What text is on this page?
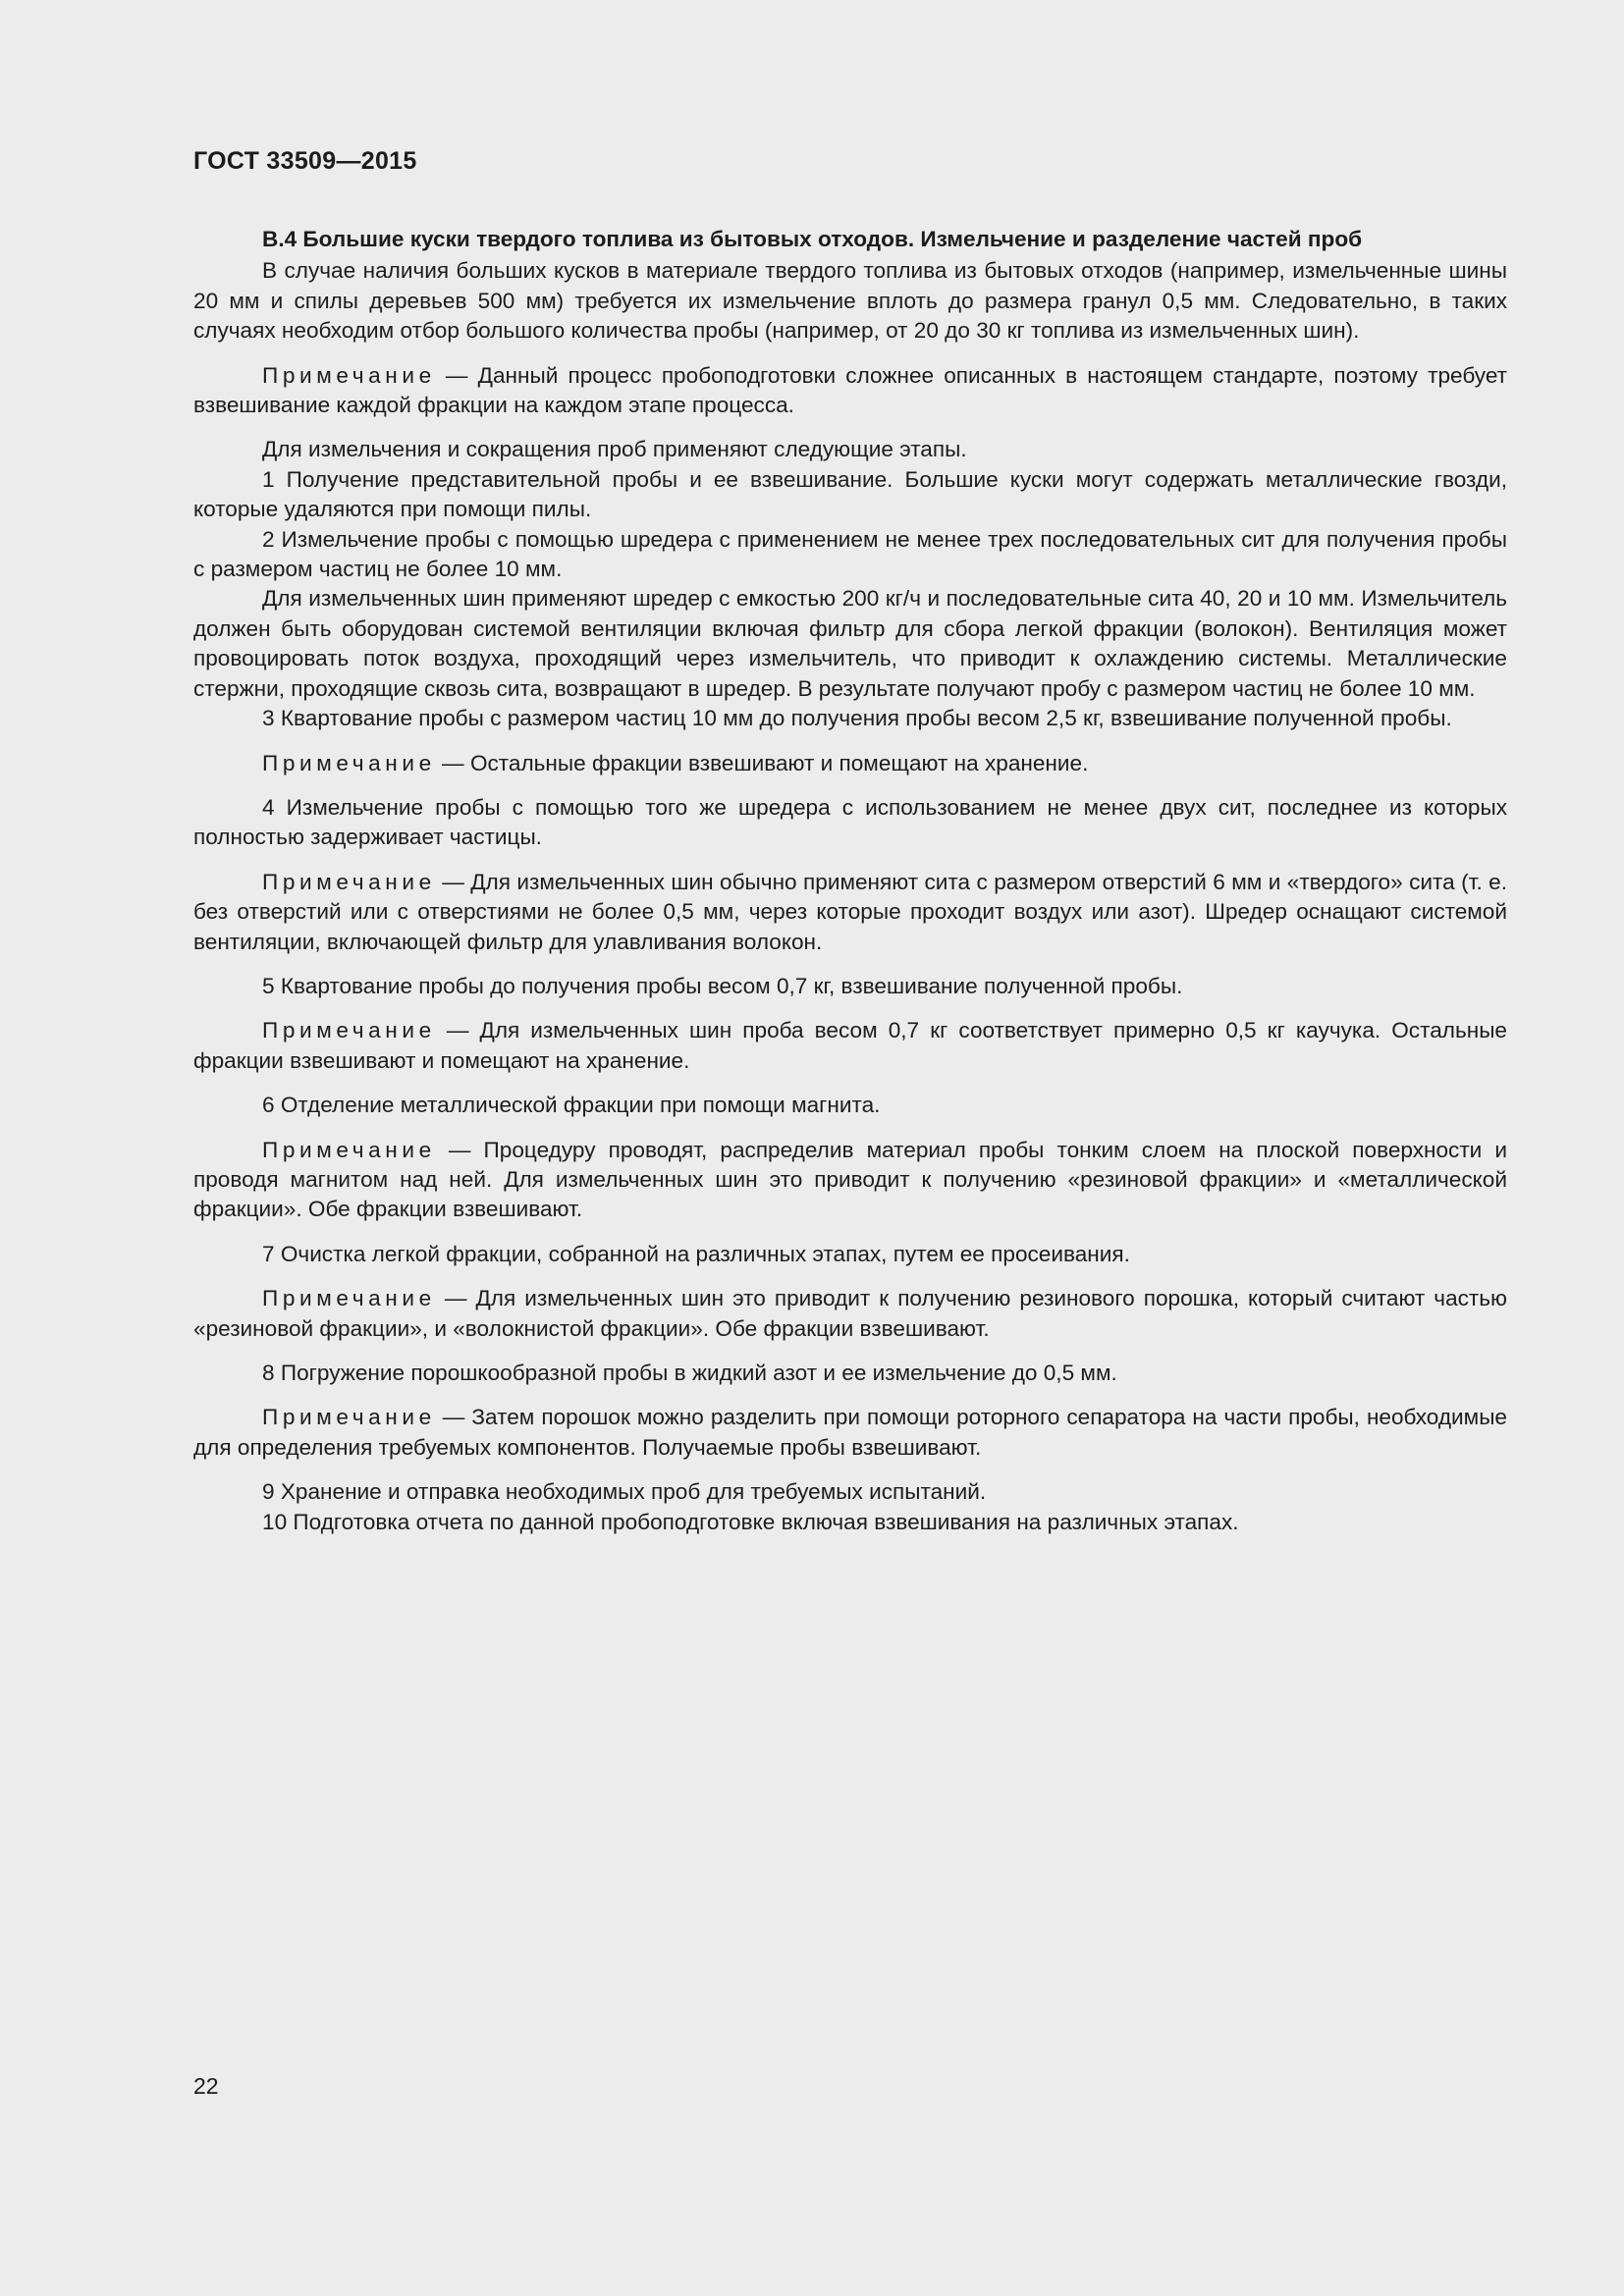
ГОСТ 33509—2015

B.4 Большие куски твердого топлива из бытовых отходов. Измельчение и разделение частей проб

В случае наличия больших кусков в материале твердого топлива из бытовых отходов (например, измельченные шины 20 мм и спилы деревьев 500 мм) требуется их измельчение вплоть до размера гранул 0,5 мм. Следовательно, в таких случаях необходим отбор большого количества пробы (например, от 20 до 30 кг топлива из измельченных шин).

Примечание — Данный процесс пробоподготовки сложнее описанных в настоящем стандарте, поэтому требует взвешивание каждой фракции на каждом этапе процесса.

Для измельчения и сокращения проб применяют следующие этапы.

1 Получение представительной пробы и ее взвешивание. Большие куски могут содержать металлические гвозди, которые удаляются при помощи пилы.

2 Измельчение пробы с помощью шредера с применением не менее трех последовательных сит для получения пробы с размером частиц не более 10 мм.

Для измельченных шин применяют шредер с емкостью 200 кг/ч и последовательные сита 40, 20 и 10 мм. Измельчитель должен быть оборудован системой вентиляции включая фильтр для сбора легкой фракции (волокон). Вентиляция может провоцировать поток воздуха, проходящий через измельчитель, что приводит к охлаждению системы. Металлические стержни, проходящие сквозь сита, возвращают в шредер. В результате получают пробу с размером частиц не более 10 мм.

3 Квартование пробы с размером частиц 10 мм до получения пробы весом 2,5 кг, взвешивание полученной пробы.

Примечание — Остальные фракции взвешивают и помещают на хранение.

4 Измельчение пробы с помощью того же шредера с использованием не менее двух сит, последнее из которых полностью задерживает частицы.

Примечание — Для измельченных шин обычно применяют сита с размером отверстий 6 мм и «твердого» сита (т. е. без отверстий или с отверстиями не более 0,5 мм, через которые проходит воздух или азот). Шредер оснащают системой вентиляции, включающей фильтр для улавливания волокон.

5 Квартование пробы до получения пробы весом 0,7 кг, взвешивание полученной пробы.

Примечание — Для измельченных шин проба весом 0,7 кг соответствует примерно 0,5 кг каучука. Остальные фракции взвешивают и помещают на хранение.

6 Отделение металлической фракции при помощи магнита.

Примечание — Процедуру проводят, распределив материал пробы тонким слоем на плоской поверхности и проводя магнитом над ней. Для измельченных шин это приводит к получению «резиновой фракции» и «металлической фракции». Обе фракции взвешивают.

7 Очистка легкой фракции, собранной на различных этапах, путем ее просеивания.

Примечание — Для измельченных шин это приводит к получению резинового порошка, который считают частью «резиновой фракции», и «волокнистой фракции». Обе фракции взвешивают.

8 Погружение порошкообразной пробы в жидкий азот и ее измельчение до 0,5 мм.

Примечание — Затем порошок можно разделить при помощи роторного сепаратора на части пробы, необходимые для определения требуемых компонентов. Получаемые пробы взвешивают.

9 Хранение и отправка необходимых проб для требуемых испытаний.

10 Подготовка отчета по данной пробоподготовке включая взвешивания на различных этапах.

22
